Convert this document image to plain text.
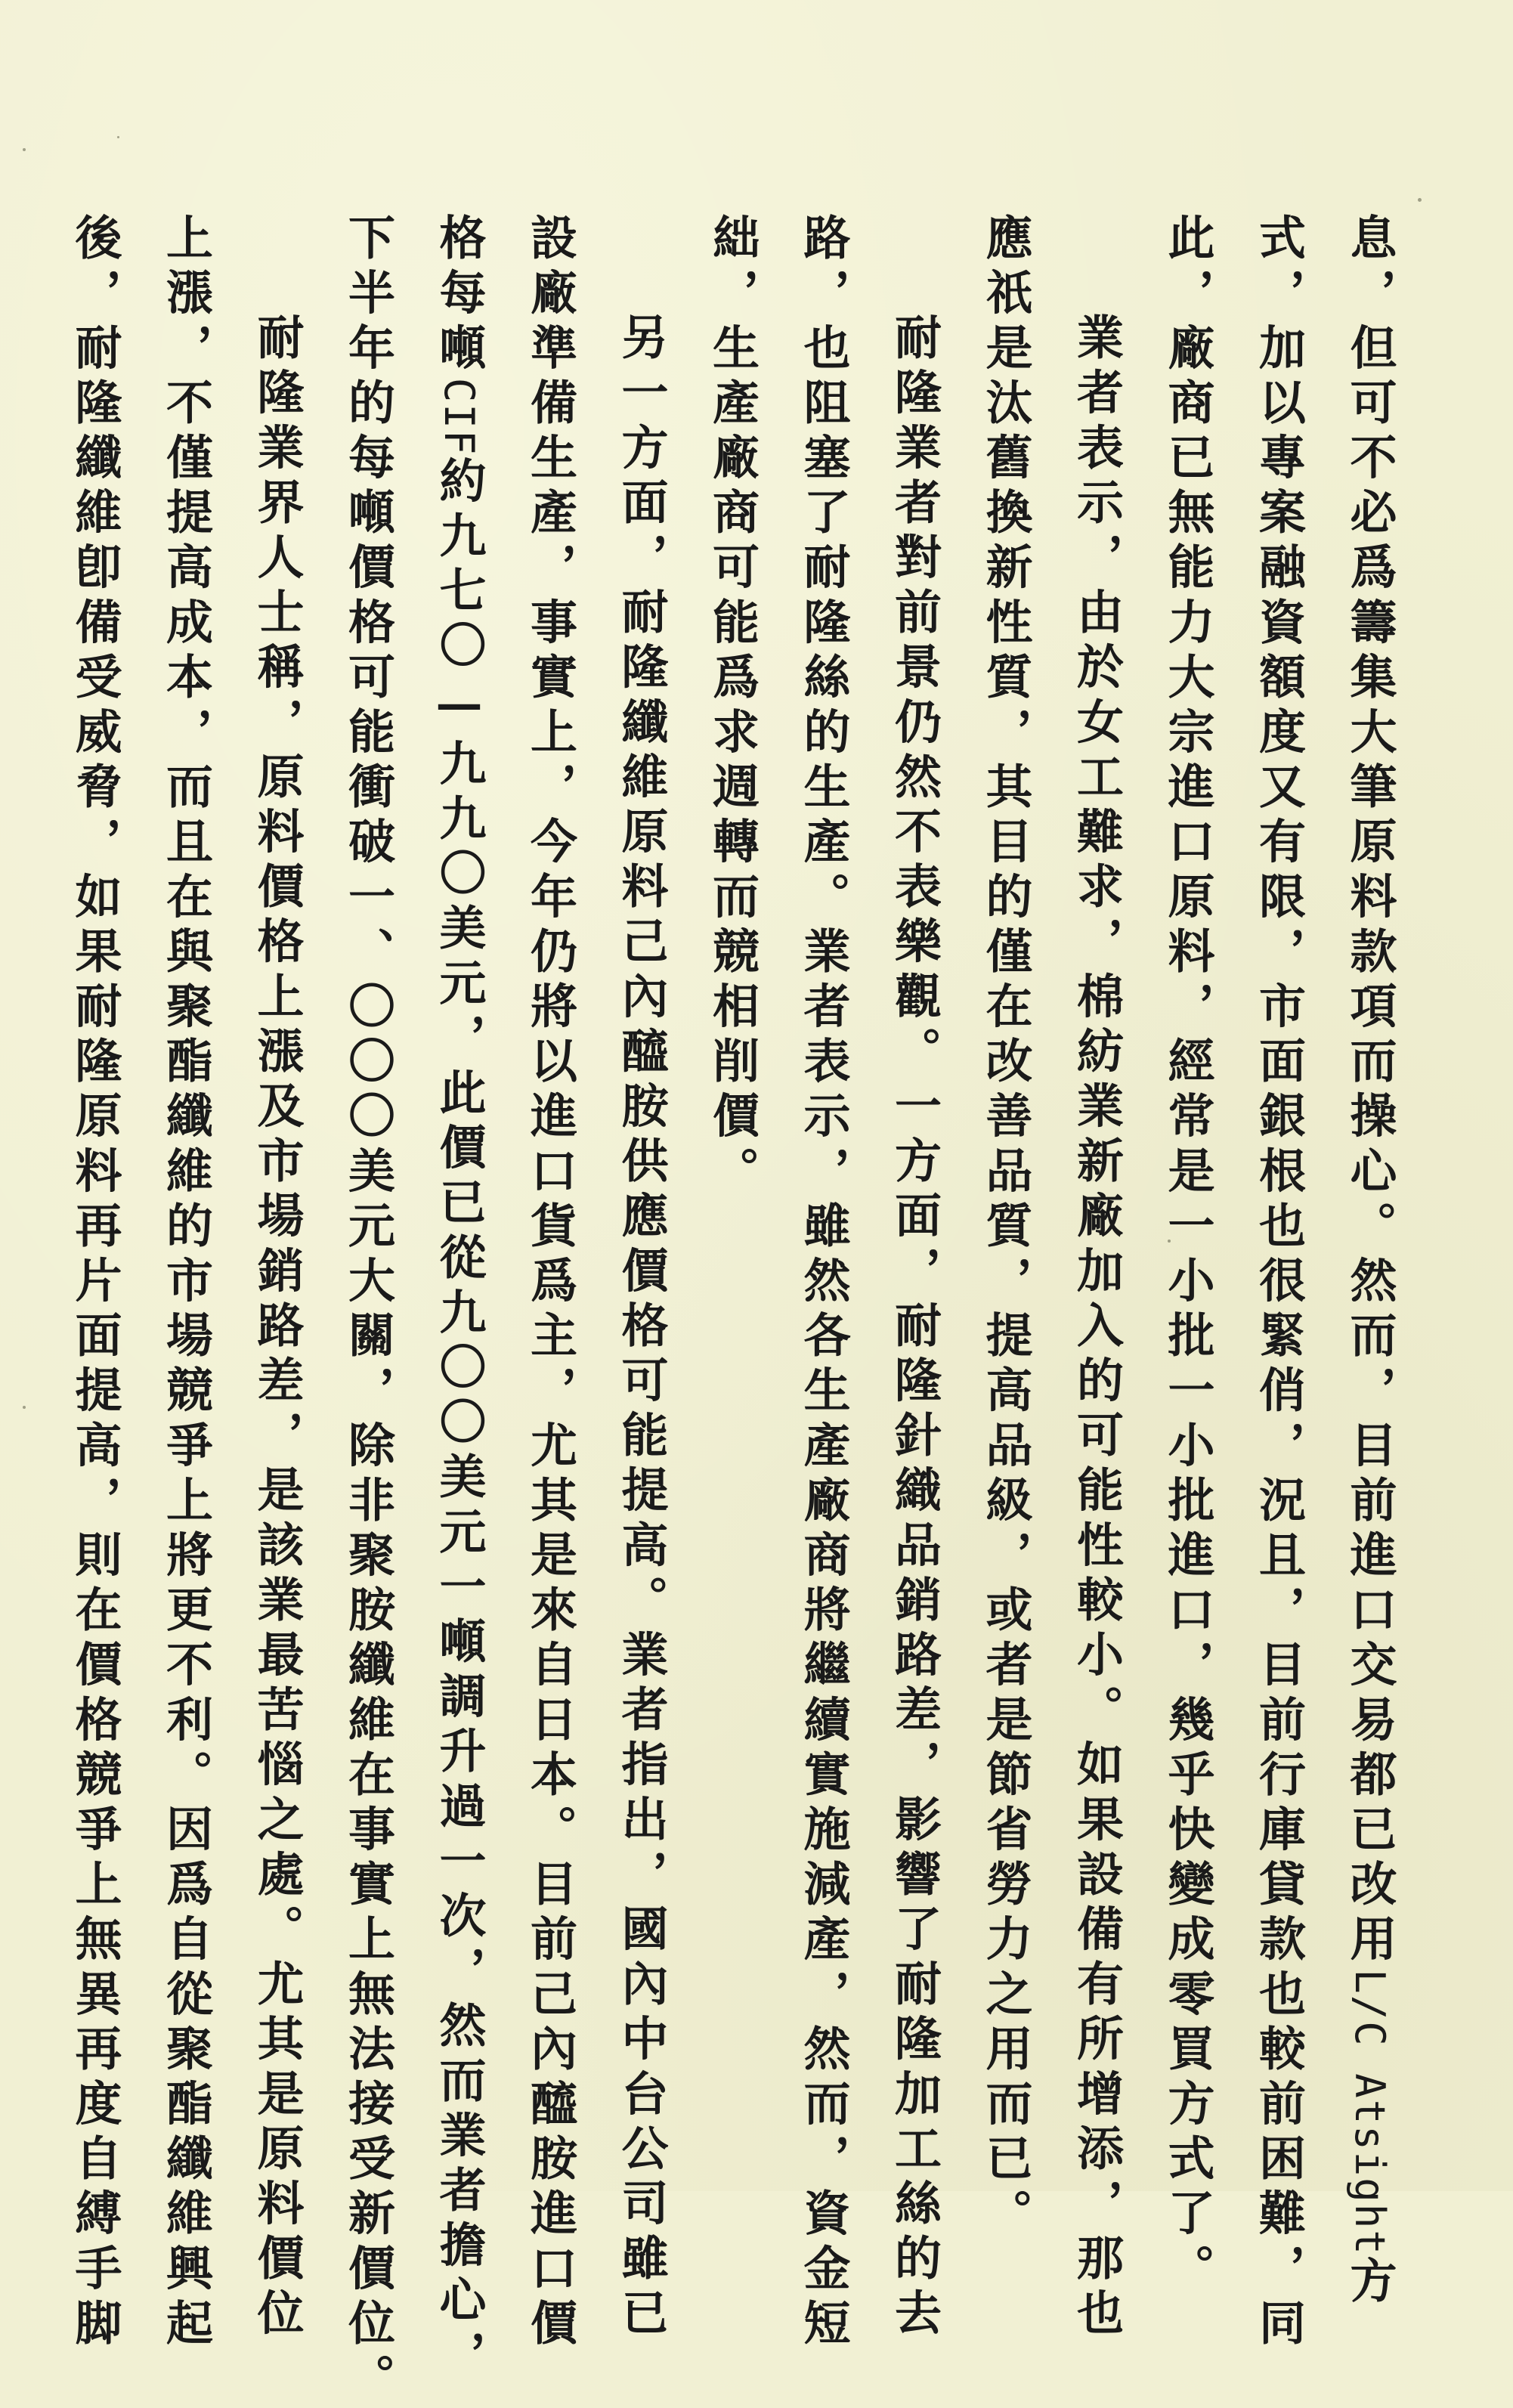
息，但可不必爲籌集大筆原料款項而操心。然而，目前進口交易都已改用L/C Atsight方
式，加以專案融資額度又有限，市面銀根也很緊俏，況且，目前行庫貸款也較前困難，同
此，廠商已無能力大宗進口原料，經常是一小批一小批進口，幾乎快變成零買方式了。
業者表示，由於女工難求，棉紡業新廠加入的可能性較小。如果設備有所增添，那也
應祇是汰舊換新性質，其目的僅在改善品質，提高品級，或者是節省勞力之用而已。
耐隆業者對前景仍然不表樂觀。一方面，耐隆針織品銷路差，影響了耐隆加工絲的去
路，也阻塞了耐隆絲的生產。業者表示，雖然各生產廠商將繼續實施減產，然而，資金短
絀，生產廠商可能爲求週轉而競相削價。
另一方面，耐隆纖維原料己內醯胺供應價格可能提高。業者指出，國內中台公司雖已
設廠準備生產，事實上，今年仍將以進口貨爲主，尤其是來自日本。目前己內醯胺進口價
格每噸CIF約九七〇—九九〇美元，此價已從九〇〇美元一噸調升過一次，然而業者擔心，
下半年的每噸價格可能衝破一、〇〇〇美元大關，除非聚胺纖維在事實上無法接受新價位。
耐隆業界人士稱，原料價格上漲及市場銷路差，是該業最苦惱之處。尤其是原料價位
上漲，不僅提高成本，而且在與聚酯纖維的市場競爭上將更不利。因爲自從聚酯纖維興起
後，耐隆纖維卽備受威脅，如果耐隆原料再片面提高，則在價格競爭上無異再度自縛手脚
